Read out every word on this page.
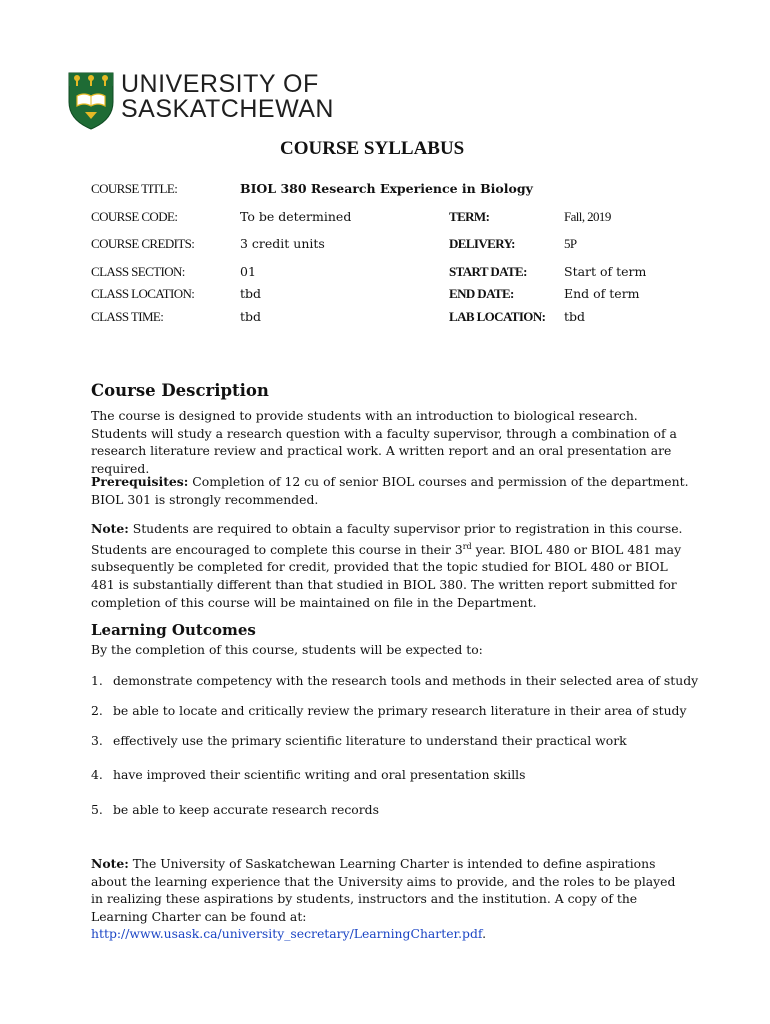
UNIVERSITY OF
SASKATCHEWAN
COURSE SYLLABUS
COURSE TITLE:	BIOL 380 Research Experience in Biology
COURSE CODE:	To be determined	TERM:	Fall, 2019
COURSE CREDITS:	3 credit units	DELIVERY:	5P
CLASS SECTION:	01	START DATE:	Start of term
CLASS LOCATION:	tbd	END DATE:	End of term
CLASS TIME:	tbd	LAB LOCATION: tbd
Course Description
The course is designed to provide students with an introduction to biological research. Students will study a research question with a faculty supervisor, through a combination of a research literature review and practical work. A written report and an oral presentation are required.
Prerequisites: Completion of 12 cu of senior BIOL courses and permission of the department. BIOL 301 is strongly recommended.
Note: Students are required to obtain a faculty supervisor prior to registration in this course. Students are encouraged to complete this course in their 3rd year. BIOL 480 or BIOL 481 may subsequently be completed for credit, provided that the topic studied for BIOL 480 or BIOL 481 is substantially different than that studied in BIOL 380. The written report submitted for completion of this course will be maintained on file in the Department.
Learning Outcomes
By the completion of this course, students will be expected to:
1. demonstrate competency with the research tools and methods in their selected area of study
2. be able to locate and critically review the primary research literature in their area of study
3. effectively use the primary scientific literature to understand their practical work
4. have improved their scientific writing and oral presentation skills
5. be able to keep accurate research records
Note: The University of Saskatchewan Learning Charter is intended to define aspirations about the learning experience that the University aims to provide, and the roles to be played in realizing these aspirations by students, instructors and the institution. A copy of the Learning Charter can be found at: http://www.usask.ca/university_secretary/LearningCharter.pdf.
